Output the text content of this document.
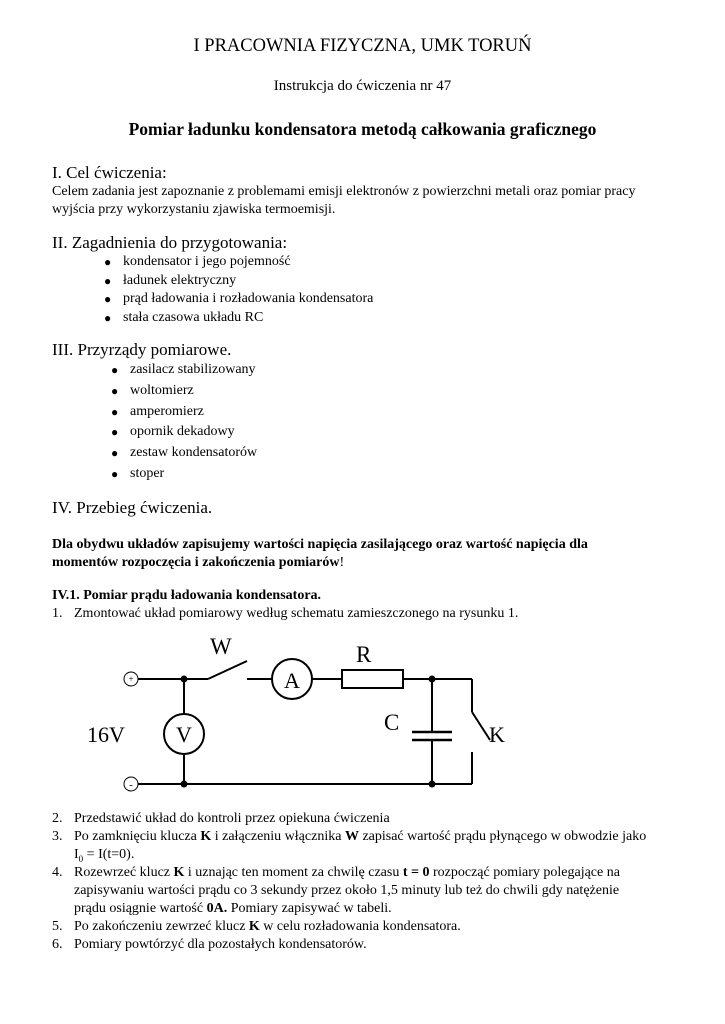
I PRACOWNIA FIZYCZNA, UMK TORUŃ
Instrukcja do ćwiczenia nr 47
Pomiar ładunku kondensatora metodą całkowania graficznego
I. Cel ćwiczenia:
Celem zadania jest zapoznanie z problemami emisji elektronów z powierzchni metali oraz pomiar pracy
wyjścia przy wykorzystaniu zjawiska termoemisji.
II. Zagadnienia do przygotowania:
● kondensator i jego pojemność
● ładunek elektryczny
● prąd ładowania i rozładowania kondensatora
● stała czasowa układu RC
III. Przyrządy pomiarowe.
● zasilacz stabilizowany
● woltomierz
● amperomierz
● opornik dekadowy
● zestaw kondensatorów
● stoper
IV. Przebieg ćwiczenia.
Dla obydwu układów zapisujemy wartości napięcia zasilającego oraz wartość napięcia dla
momentów rozpoczęcia i zakończenia pomiarów!
IV.1. Pomiar prądu ładowania kondensatora.
1. Zmontować układ pomiarowy według schematu zamieszczonego na rysunku 1.
+
-
W
A
R
C	K
V
16V
2. Przedstawić układ do kontroli przez opiekuna ćwiczenia
3. Po zamknięciu klucza K i załączeniu włącznika W zapisać wartość prądu płynącego w obwodzie jako
$I_0 = I(t=0)$.
4. Rozewrzeć klucz K i uznając ten moment za chwilę czasu t = 0 rozpocząć pomiary polegające na
zapisywaniu wartości prądu co 3 sekundy przez około 1,5 minuty lub też do chwili gdy natężenie
prądu osiągnie wartość 0A. Pomiary zapisywać w tabeli.
5. Po zakończeniu zewrzeć klucz K w celu rozładowania kondensatora.
6. Pomiary powtórzyć dla pozostałych kondensatorów.
